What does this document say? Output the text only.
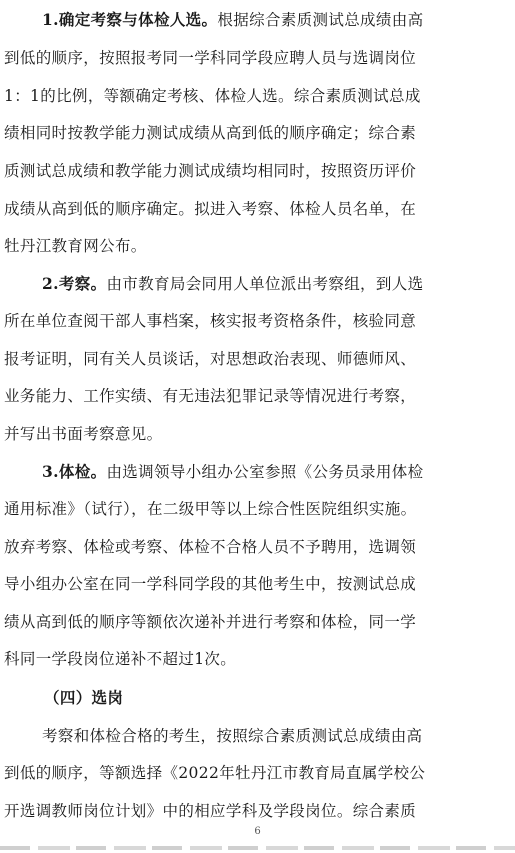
1.确定考察与体检人选。根据综合素质测试总成绩由高
到低的顺序，按照报考同一学科同学段应聘人员与选调岗位
1：1的比例，等额确定考核、体检人选。综合素质测试总成
绩相同时按教学能力测试成绩从高到低的顺序确定；综合素
质测试总成绩和教学能力测试成绩均相同时，按照资历评价
成绩从高到低的顺序确定。拟进入考察、体检人员名单，在
牡丹江教育网公布。
2.考察。由市教育局会同用人单位派出考察组，到人选
所在单位查阅干部人事档案，核实报考资格条件，核验同意
报考证明，同有关人员谈话，对思想政治表现、师德师风、
业务能力、工作实绩、有无违法犯罪记录等情况进行考察，
并写出书面考察意见。
3.体检。由选调领导小组办公室参照《公务员录用体检
通用标准》（试行），在二级甲等以上综合性医院组织实施。
放弃考察、体检或考察、体检不合格人员不予聘用，选调领
导小组办公室在同一学科同学段的其他考生中，按测试总成
绩从高到低的顺序等额依次递补并进行考察和体检，同一学
科同一学段岗位递补不超过1次。
（四）选岗
考察和体检合格的考生，按照综合素质测试总成绩由高
到低的顺序，等额选择《2022年牡丹江市教育局直属学校公
开选调教师岗位计划》中的相应学科及学段岗位。综合素质
6
